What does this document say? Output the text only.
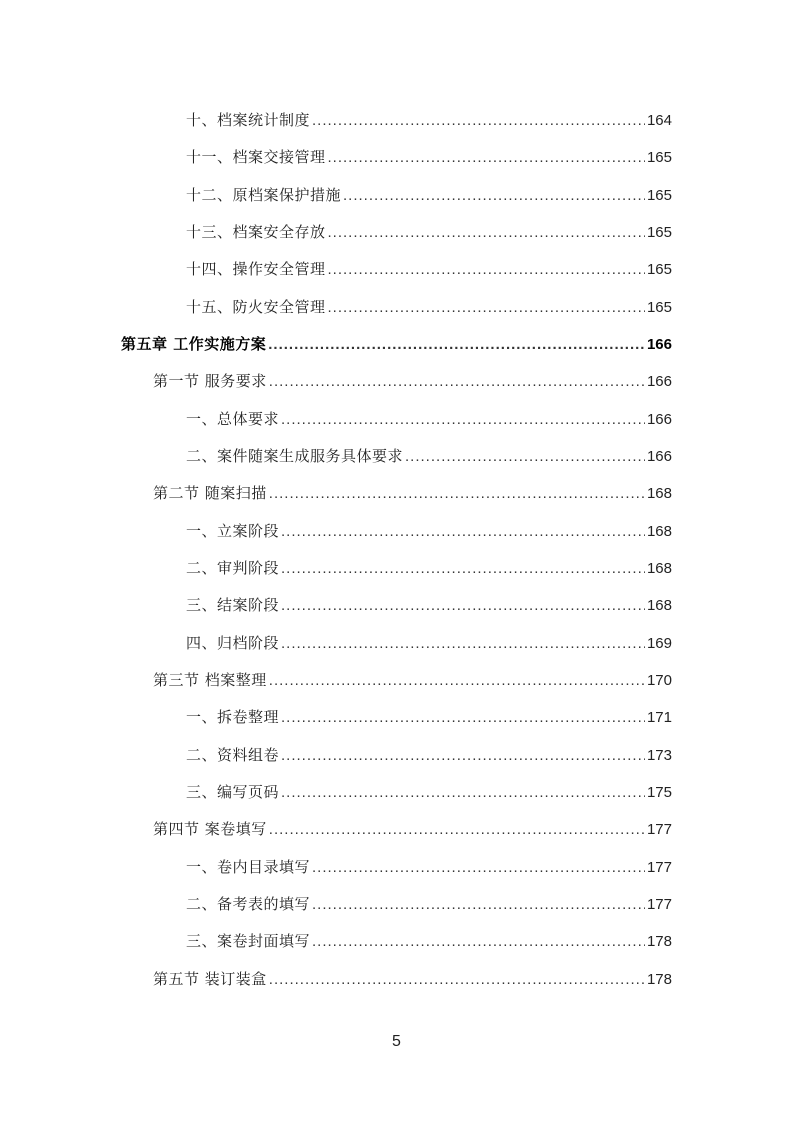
十、档案统计制度 .....	164
十一、档案交接管理 .....	165
十二、原档案保护措施 .....	165
十三、档案安全存放 .....	165
十四、操作安全管理 .....	165
十五、防火安全管理 .....	165
第五章 工作实施方案 .....	166
第一节 服务要求 .....	166
一、总体要求 .....	166
二、案件随案生成服务具体要求 .....	166
第二节 随案扫描 .....	168
一、立案阶段 .....	168
二、审判阶段 .....	168
三、结案阶段 .....	168
四、归档阶段 .....	169
第三节 档案整理 .....	170
一、拆卷整理 .....	171
二、资料组卷 .....	173
三、编写页码 .....	175
第四节 案卷填写 .....	177
一、卷内目录填写 .....	177
二、备考表的填写 .....	177
三、案卷封面填写 .....	178
第五节 装订装盒 .....	178
5
